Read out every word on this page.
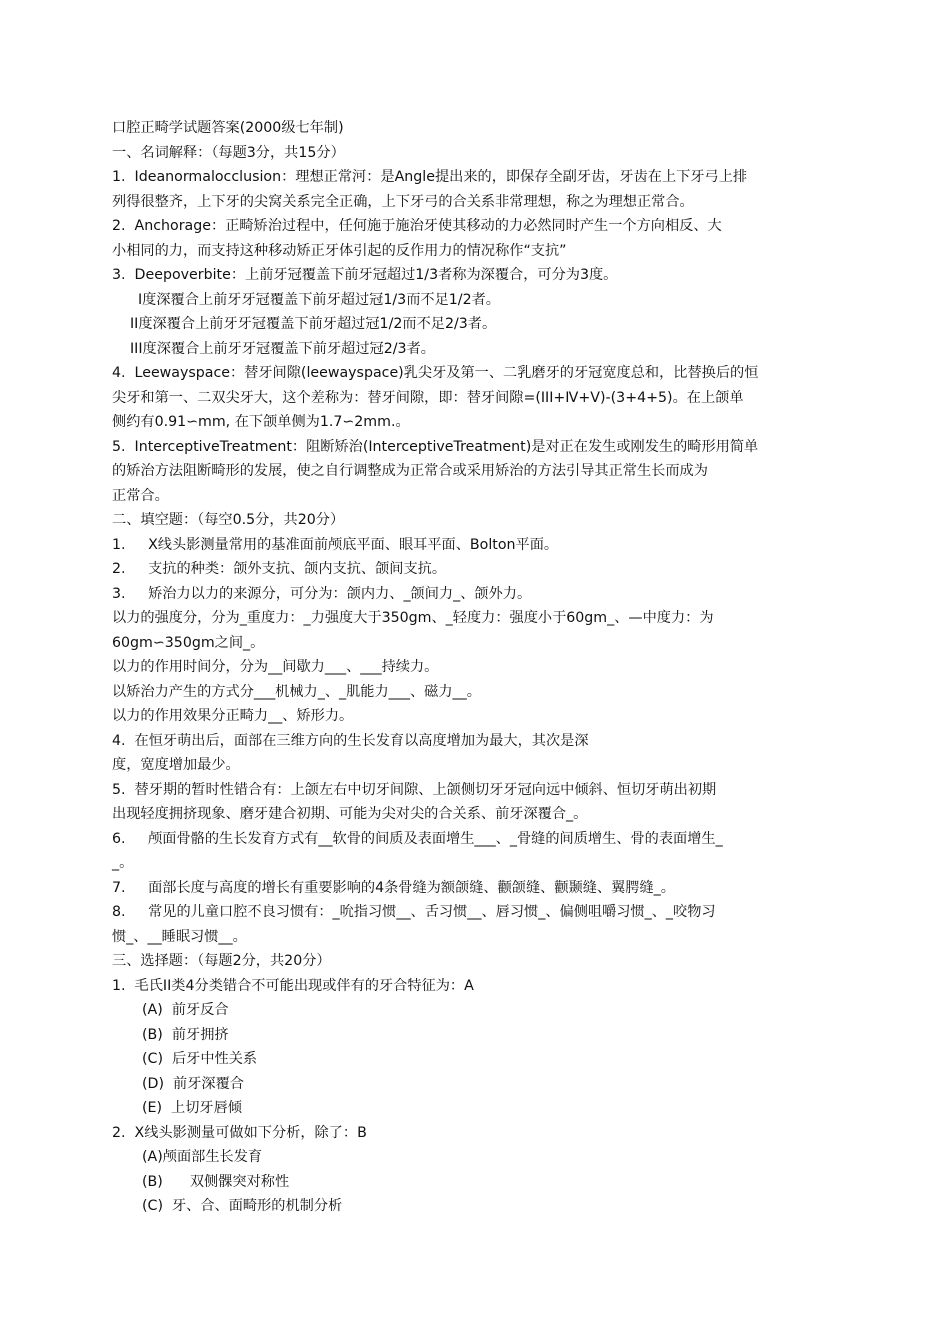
口腔正畸学试题答案(2000级七年制)

一、名词解释：（每题3分，共15分）

1.  Ideanormalocclusion：理想正常河：是Angle提出来的，即保存全副牙齿，牙齿在上下牙弓上排

列得很整齐，上下牙的尖窝关系完全正确，上下牙弓的合关系非常理想，称之为理想正常合。

2.  Anchorage：正畸矫治过程中，任何施于施治牙使其移动的力必然同时产生一个方向相反、大

小相同的力，而支持这种移动矫正牙体引起的反作用力的情况称作“支抗”

3.  Deepoverbite：上前牙冠覆盖下前牙冠超过1/3者称为深覆合，可分为3度。

Ⅰ度深覆合上前牙牙冠覆盖下前牙超过冠1/3而不足1/2者。

II度深覆合上前牙牙冠覆盖下前牙超过冠1/2而不足2/3者。

III度深覆合上前牙牙冠覆盖下前牙超过冠2/3者。

4.  Leewayspace：替牙间隙(leewayspace)乳尖牙及第一、二乳磨牙的牙冠宽度总和，比替换后的恒

尖牙和第一、二双尖牙大，这个差称为：替牙间隙，即：替牙间隙=(III+Ⅳ+Ⅴ)-(3+4+5)。在上颌单

侧约有0.91∽mm, 在下颌单侧为1.7∽2mm.。

5.  InterceptiveTreatment：阻断矫治(InterceptiveTreatment)是对正在发生或刚发生的畸形用简单

的矫治方法阻断畸形的发展，使之自行调整成为正常合或采用矫治的方法引导其正常生长而成为

正常合。

二、填空题：（每空0.5分，共20分）

1.     X线头影测量常用的基准面前颅底平面、眼耳平面、Bolton平面。

2.     支抗的种类：颌外支抗、颌内支抗、颌间支抗。

3.     矫治力以力的来源分，可分为：颌内力、_颌间力_、颌外力。

以力的强度分，分为_重度力：_力强度大于350gm、_轻度力：强度小于60gm_、—中度力：为

60gm∽350gm之间_。

以力的作用时间分，分为__间歇力___、___持续力。

以矫治力产生的方式分___机械力_、_肌能力___、磁力__。

以力的作用效果分正畸力__、矫形力。

4.  在恒牙萌出后，面部在三维方向的生长发育以高度增加为最大，其次是深

度，宽度增加最少。

5.  替牙期的暂时性错合有：上颌左右中切牙间隙、上颌侧切牙牙冠向远中倾斜、恒切牙萌出初期

出现轻度拥挤现象、磨牙建合初期、可能为尖对尖的合关系、前牙深覆合_。

6.     颅面骨骼的生长发育方式有__软骨的间质及表面增生___、_骨缝的间质增生、骨的表面增生_

_。

7.     面部长度与高度的增长有重要影响的4条骨缝为额颌缝、颧颌缝、颧颞缝、翼腭缝_。

8.     常见的儿童口腔不良习惯有：_吮指习惯__、舌习惯__、唇习惯_、偏侧咀嚼习惯_、_咬物习

惯_、__睡眠习惯__。

三、选择题：（每题2分，共20分）

1.  毛氏II类4分类错合不可能出现或伴有的牙合特征为：A

(A)  前牙反合

(B)  前牙拥挤

(C)  后牙中性关系

(D)  前牙深覆合

(E)  上切牙唇倾

2.  X线头影测量可做如下分析，除了：B

(A)颅面部生长发育

(B)      双侧髁突对称性

(C)  牙、合、面畸形的机制分析
